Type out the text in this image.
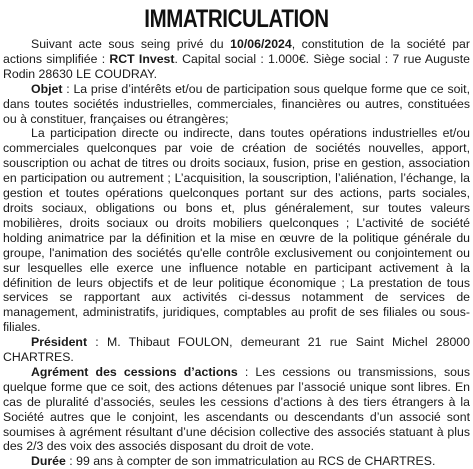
IMMATRICULATION

Suivant acte sous seing privé du 10/06/2024, constitution de la société par actions simplifiée : RCT Invest. Capital social : 1.000€. Siège social : 7 rue Auguste Rodin 28630 LE COUDRAY.

Objet : La prise d’intérêts et/ou de participation sous quelque forme que ce soit, dans toutes sociétés industrielles, commerciales, financières ou autres, constituées ou à constituer, françaises ou étrangères;

La participation directe ou indirecte, dans toutes opérations industrielles et/ou commerciales quelconques par voie de création de sociétés nouvelles, apport, souscription ou achat de titres ou droits sociaux, fusion, prise en gestion, association en participation ou autrement ; L’acquisition, la souscription, l’aliénation, l’échange, la gestion et toutes opérations quelconques portant sur des actions, parts sociales, droits sociaux, obligations ou bons et, plus généralement, sur toutes valeurs mobilières, droits sociaux ou droits mobiliers quelconques ; L’activité de société holding animatrice par la définition et la mise en œuvre de la politique générale du groupe, l'animation des sociétés qu'elle contrôle exclusivement ou conjointement ou sur lesquelles elle exerce une influence notable en participant activement à la définition de leurs objectifs et de leur politique économique ; La prestation de tous services se rapportant aux activités ci-dessus notamment de services de management, administratifs, juridiques, comptables au profit de ses filiales ou sous-filiales.

Président : M. Thibaut FOULON, demeurant 21 rue Saint Michel 28000 CHARTRES.

Agrément des cessions d’actions : Les cessions ou transmissions, sous quelque forme que ce soit, des actions détenues par l’associé unique sont libres. En cas de pluralité d’associés, seules les cessions d’actions à des tiers étrangers à la Société autres que le conjoint, les ascendants ou descendants d’un associé sont soumises à agrément résultant d’une décision collective des associés statuant à plus des 2/3 des voix des associés disposant du droit de vote.

Durée : 99 ans à compter de son immatriculation au RCS de CHARTRES.
